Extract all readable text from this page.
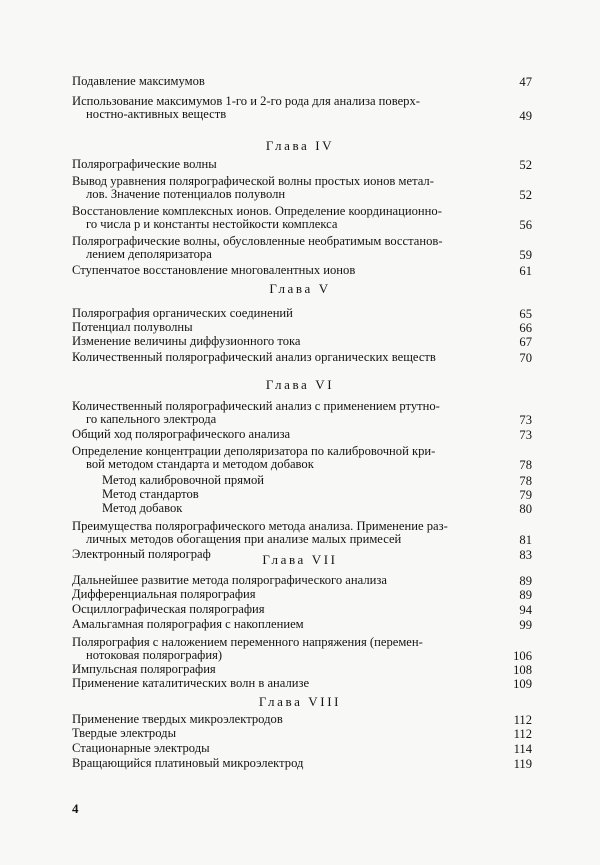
Подавление максимумов	47
Использование максимумов 1-го и 2-го рода для анализа поверх-
ностно-активных веществ	49
Глава IV
Полярографические волны	52
Вывод уравнения полярографической волны простых ионов метал-
лов. Значение потенциалов полуволн	52
Восстановление комплексных ионов. Определение координационно-
го числа p и константы нестойкости комплекса	56
Полярографические волны, обусловленные необратимым восстанов-
лением деполяризатора	59
Ступенчатое восстановление многовалентных ионов	61
Глава V
Полярография органических соединений	65
Потенциал полуволны	66
Изменение величины диффузионного тока	67
Количественный полярографический анализ органических веществ	70
Глава VI
Количественный полярографический анализ с применением ртутно-
го капельного электрода	73
Общий ход полярографического анализа	73
Определение концентрации деполяризатора по калибровочной кри-
вой методом стандарта и методом добавок	78
Метод калибровочной прямой	78
Метод стандартов	79
Метод добавок	80
Преимущества полярографического метода анализа. Применение раз-
личных методов обогащения при анализе малых примесей	81
Электронный полярограф	83
Глава VII
Дальнейшее развитие метода полярографического анализа	89
Дифференциальная полярография	89
Осциллографическая полярография	94
Амальгамная полярография с накоплением	99
Полярография с наложением переменного напряжения (перемен-
нотоковая полярография)	106
Импульсная полярография	108
Применение каталитических волн в анализе	109
Глава VIII
Применение твердых микроэлектродов	112
Твердые электроды	112
Стационарные электроды	114
Вращающийся платиновый микроэлектрод	119
4
